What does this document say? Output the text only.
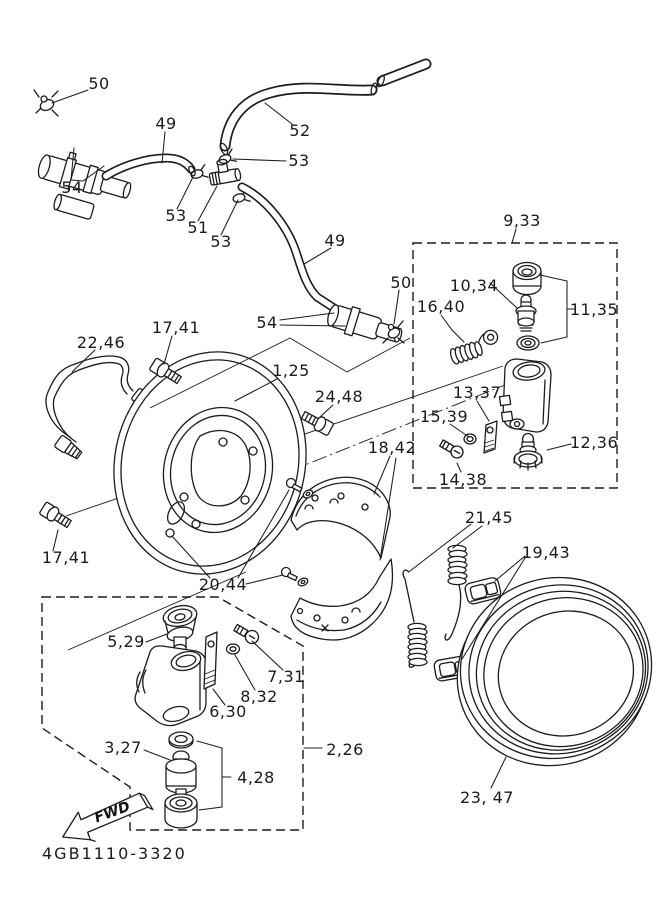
50
49	52
53
54
53
51
53	49
54
50
9,33
10,34
11,35
16,40
13,37
15,39
14,38
12,36
22,46
17,41
1,25
24,48
17,41
18,42
20,44
21,45
19,43
5,29
7,31
8,32
6,30
3,27	2,26
4,28
23, 47
FWD
4GB1110-3320
